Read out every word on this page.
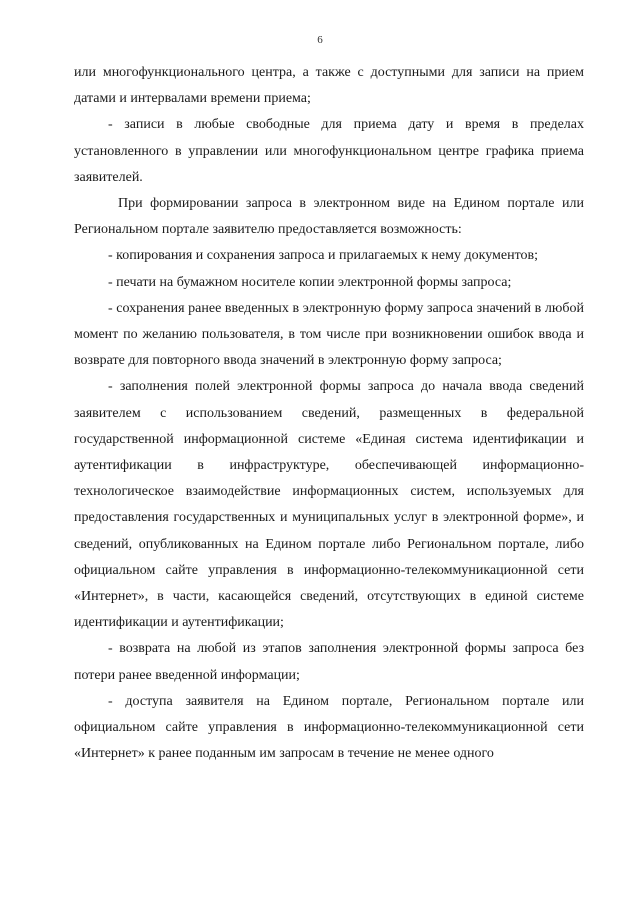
6

или многофункционального центра, а также с доступными для записи на прием датами и интервалами времени приема;

- записи в любые свободные для приема дату и время в пределах установленного в управлении или многофункциональном центре графика приема заявителей.

При формировании запроса в электронном виде на Едином портале или Региональном портале заявителю предоставляется возможность:

- копирования и сохранения запроса и прилагаемых к нему документов;

- печати на бумажном носителе копии электронной формы запроса;

- сохранения ранее введенных в электронную форму запроса значений в любой момент по желанию пользователя, в том числе при возникновении ошибок ввода и возврате для повторного ввода значений в электронную форму запроса;

- заполнения полей электронной формы запроса до начала ввода сведений заявителем с использованием сведений, размещенных в федеральной государственной информационной системе «Единая система идентификации и аутентификации в инфраструктуре, обеспечивающей информационно-технологическое взаимодействие информационных систем, используемых для предоставления государственных и муниципальных услуг в электронной форме», и сведений, опубликованных на Едином портале либо Региональном портале, либо официальном сайте управления в информационно-телекоммуникационной сети «Интернет», в части, касающейся сведений, отсутствующих в единой системе идентификации и аутентификации;

- возврата на любой из этапов заполнения электронной формы запроса без потери ранее введенной информации;

- доступа заявителя на Едином портале, Региональном портале или официальном сайте управления в информационно-телекоммуникационной сети «Интернет» к ранее поданным им запросам в течение не менее одного
